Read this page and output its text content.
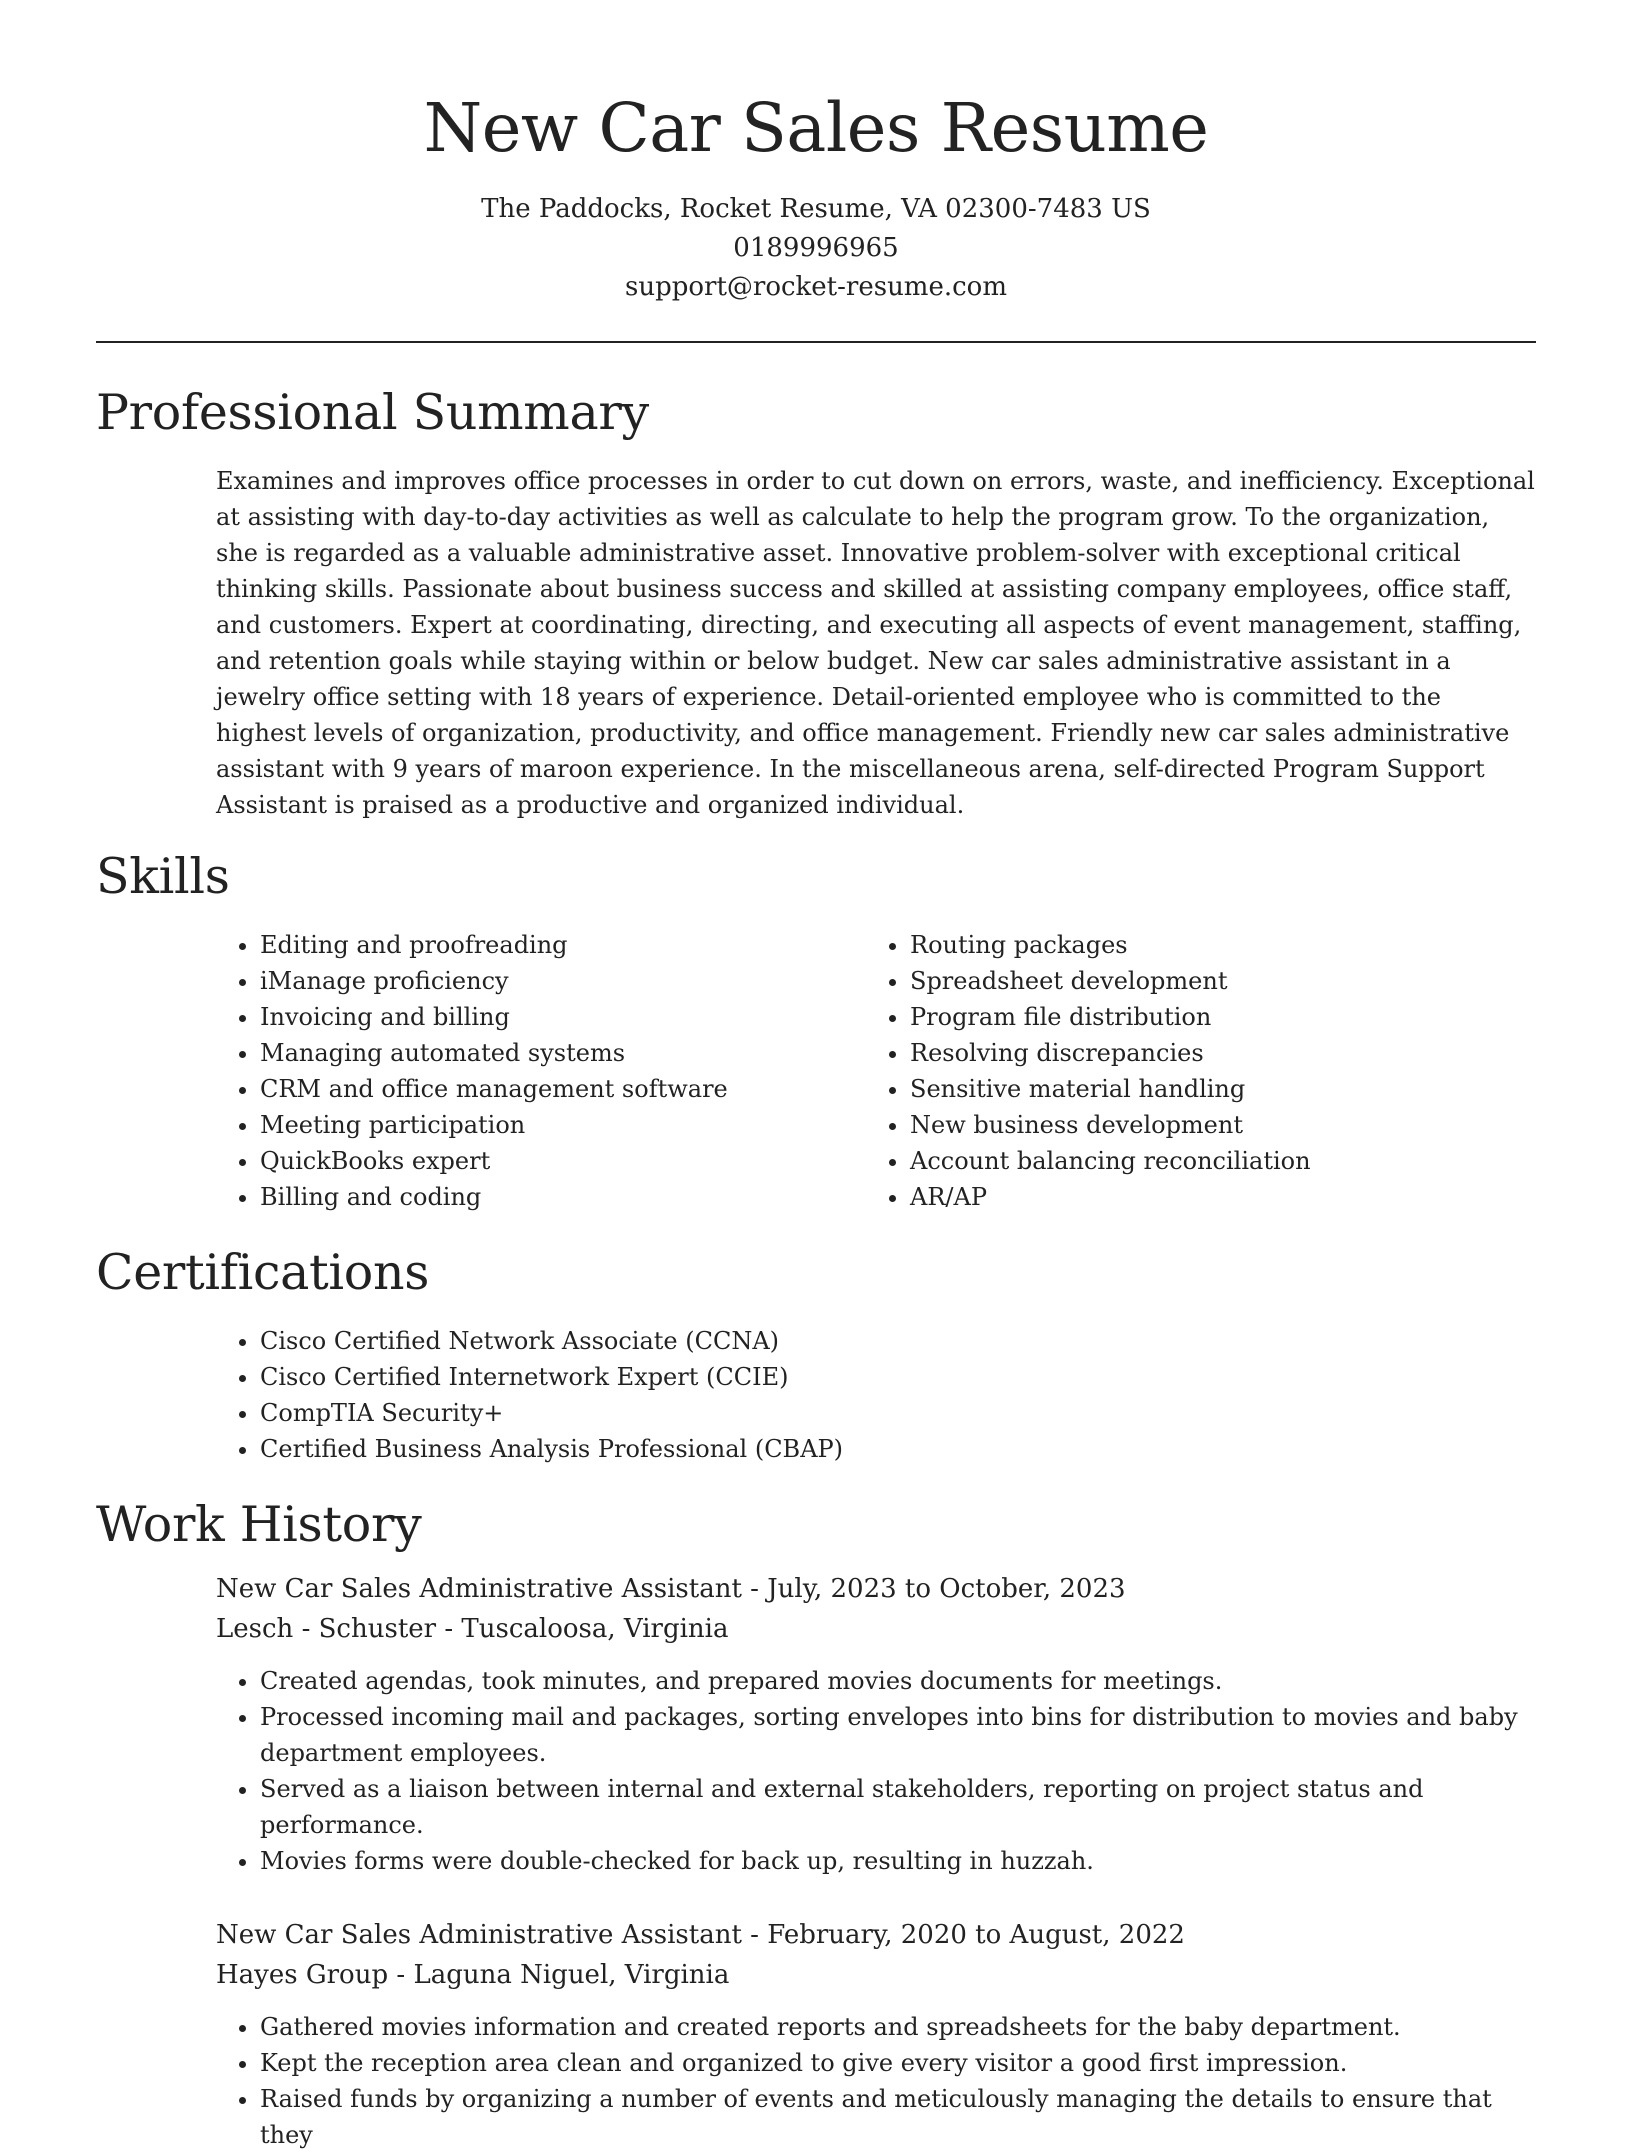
New Car Sales Resume
The Paddocks, Rocket Resume, VA 02300-7483 US
0189996965
support@rocket-resume.com
Professional Summary

Examines and improves office processes in order to cut down on errors, waste, and inefficiency. Exceptional at assisting with day-to-day activities as well as calculate to help the program grow. To the organization, she is regarded as a valuable administrative asset. Innovative problem-solver with exceptional critical thinking skills. Passionate about business success and skilled at assisting company employees, office staff, and customers. Expert at coordinating, directing, and executing all aspects of event management, staffing, and retention goals while staying within or below budget. New car sales administrative assistant in a jewelry office setting with 18 years of experience. Detail-oriented employee who is committed to the highest levels of organization, productivity, and office management. Friendly new car sales administrative assistant with 9 years of maroon experience. In the miscellaneous arena, self-directed Program Support Assistant is praised as a productive and organized individual.

Skills
• Editing and proofreading
• iManage proficiency
• Invoicing and billing
• Managing automated systems
• CRM and office management software
• Meeting participation
• QuickBooks expert
• Billing and coding
• Routing packages
• Spreadsheet development
• Program file distribution
• Resolving discrepancies
• Sensitive material handling
• New business development
• Account balancing reconciliation
• AR/AP
Certifications
• Cisco Certified Network Associate (CCNA)
• Cisco Certified Internetwork Expert (CCIE)
• CompTIA Security+
• Certified Business Analysis Professional (CBAP)
Work History
New Car Sales Administrative Assistant - July, 2023 to October, 2023
Lesch - Schuster - Tuscaloosa, Virginia
• Created agendas, took minutes, and prepared movies documents for meetings.
• Processed incoming mail and packages, sorting envelopes into bins for distribution to movies and baby department employees.
• Served as a liaison between internal and external stakeholders, reporting on project status and performance.
• Movies forms were double-checked for back up, resulting in huzzah.
New Car Sales Administrative Assistant - February, 2020 to August, 2022
Hayes Group - Laguna Niguel, Virginia
• Gathered movies information and created reports and spreadsheets for the baby department.
• Kept the reception area clean and organized to give every visitor a good first impression.
• Raised funds by organizing a number of events and meticulously managing the details to ensure that they
